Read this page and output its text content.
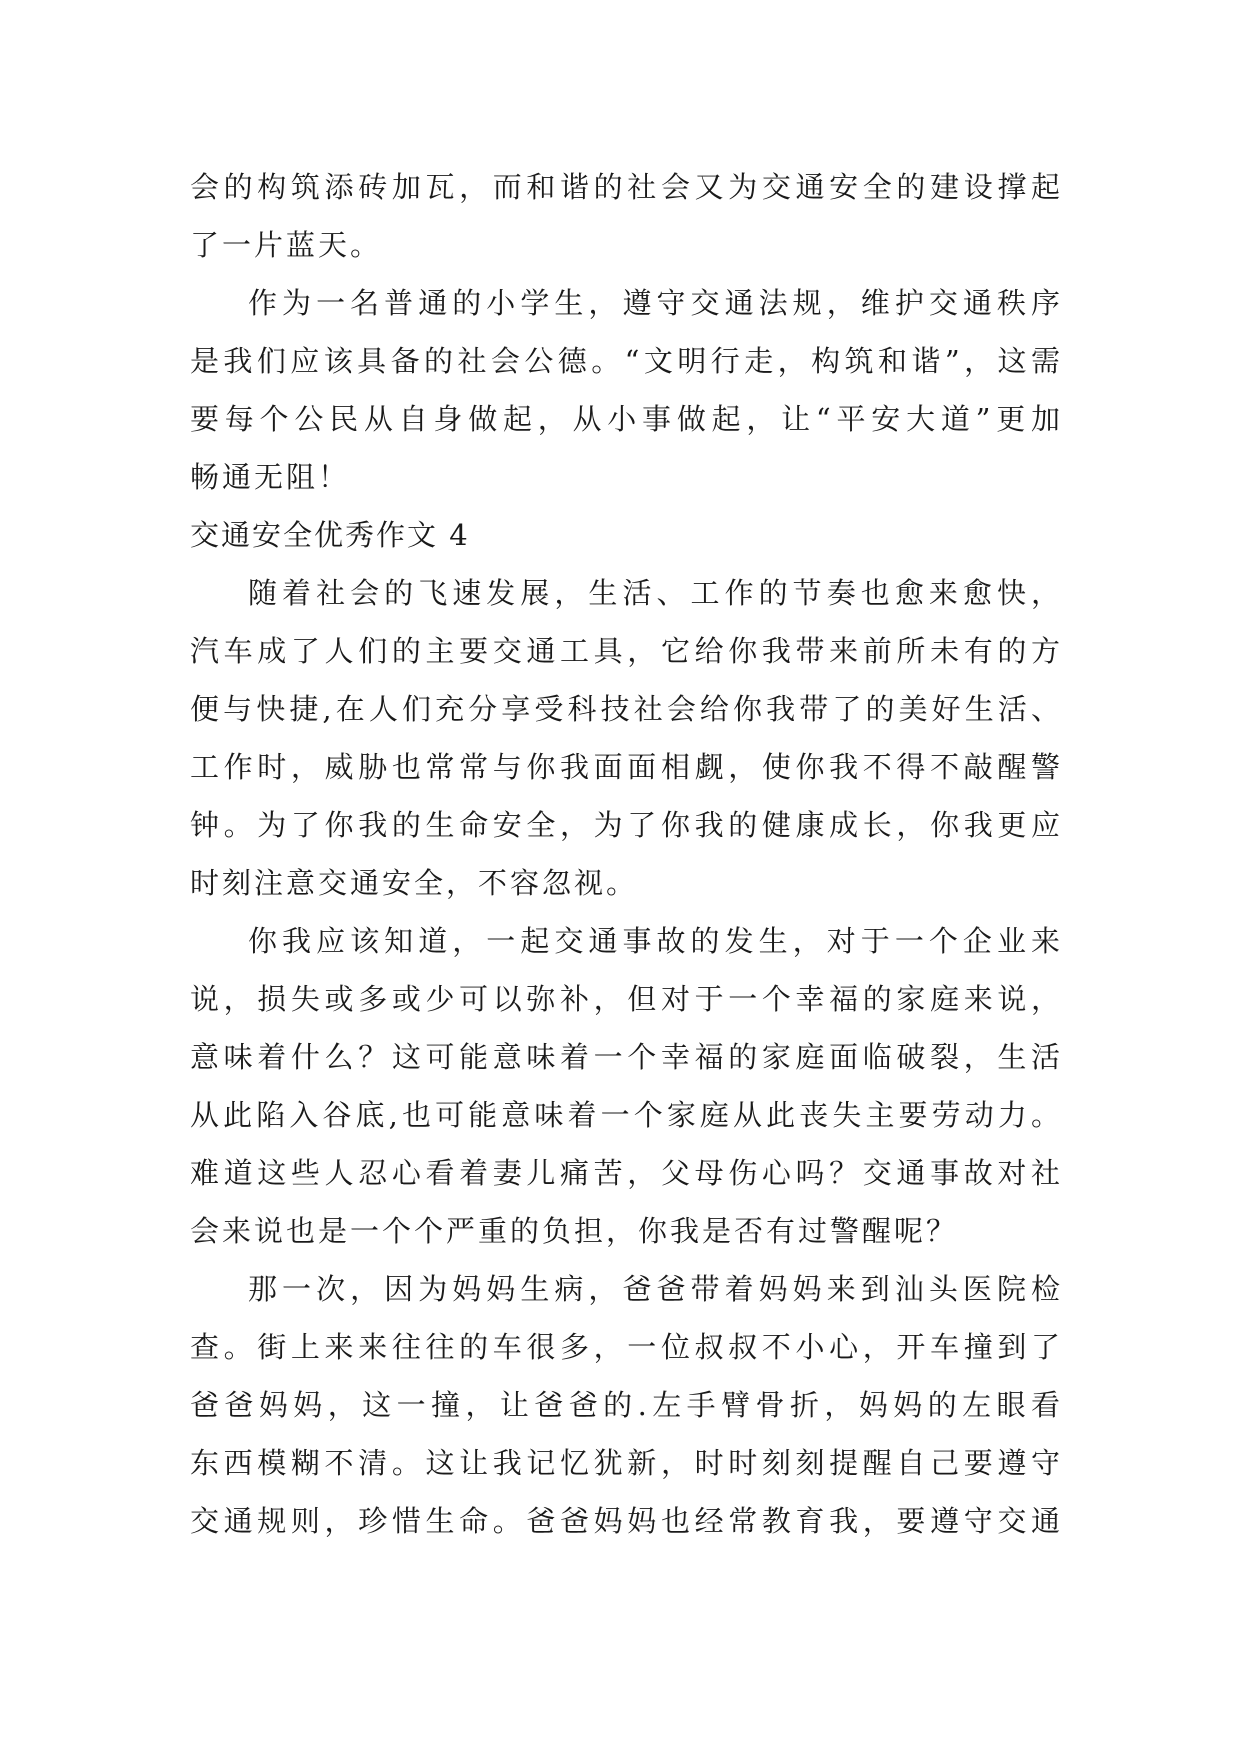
会的构筑添砖加瓦，而和谐的社会又为交通安全的建设撑起
了一片蓝天。
作为一名普通的小学生，遵守交通法规，维护交通秩序
是我们应该具备的社会公德。“文明行走，构筑和谐”，这需
要每个公民从自身做起，从小事做起，让“平安大道”更加
畅通无阻！
交通安全优秀作文 4
随着社会的飞速发展，生活、工作的节奏也愈来愈快，
汽车成了人们的主要交通工具，它给你我带来前所未有的方
便与快捷,在人们充分享受科技社会给你我带了的美好生活、
工作时，威胁也常常与你我面面相觑，使你我不得不敲醒警
钟。为了你我的生命安全，为了你我的健康成长，你我更应
时刻注意交通安全，不容忽视。
你我应该知道，一起交通事故的发生，对于一个企业来
说，损失或多或少可以弥补，但对于一个幸福的家庭来说，
意味着什么？这可能意味着一个幸福的家庭面临破裂，生活
从此陷入谷底,也可能意味着一个家庭从此丧失主要劳动力。
难道这些人忍心看着妻儿痛苦，父母伤心吗？交通事故对社
会来说也是一个个严重的负担，你我是否有过警醒呢？
那一次，因为妈妈生病，爸爸带着妈妈来到汕头医院检
查。街上来来往往的车很多，一位叔叔不小心，开车撞到了
爸爸妈妈，这一撞，让爸爸的.左手臂骨折，妈妈的左眼看
东西模糊不清。这让我记忆犹新，时时刻刻提醒自己要遵守
交通规则，珍惜生命。爸爸妈妈也经常教育我，要遵守交通
